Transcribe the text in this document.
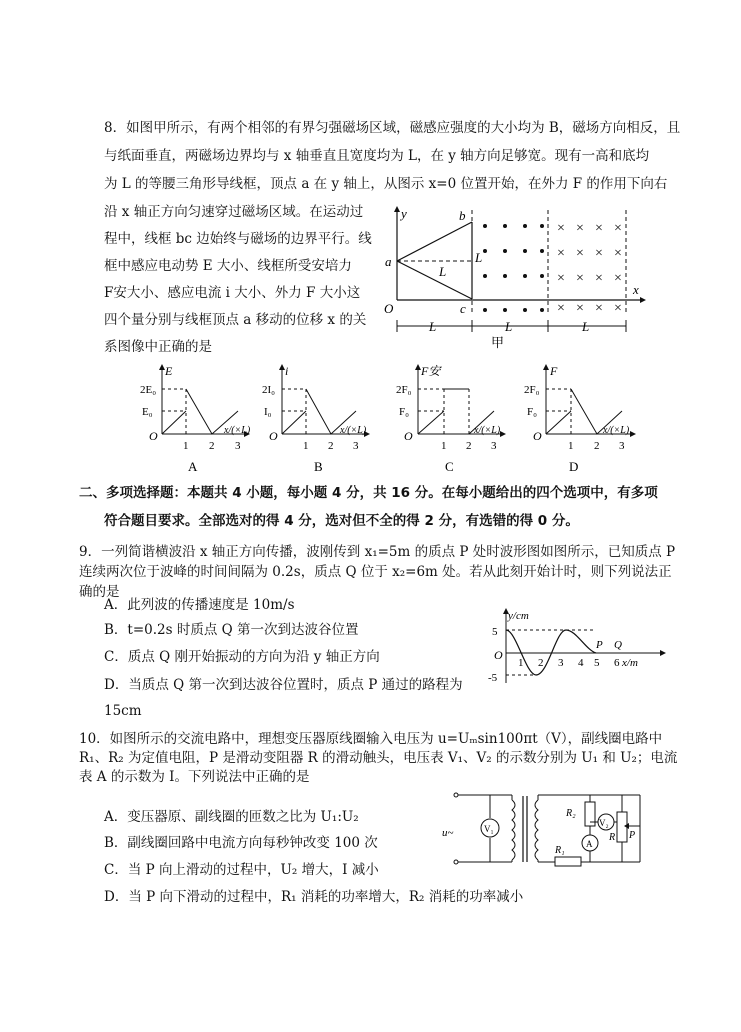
8．如图甲所示，有两个相邻的有界匀强磁场区域，磁感应强度的大小均为 B，磁场方向相反，且
与纸面垂直，两磁场边界均与 x 轴垂直且宽度均为 L，在 y 轴方向足够宽。现有一高和底均
为 L 的等腰三角形导线框，顶点 a 在 y 轴上，从图示 x=0 位置开始，在外力 F 的作用下向右
沿 x 轴正方向匀速穿过磁场区域。在运动过
程中，线框 bc 边始终与磁场的边界平行。线
框中感应电动势 E 大小、线框所受安培力
F安大小、感应电流 i 大小、外力 F 大小这
四个量分别与线框顶点 a 移动的位移 x 的关
系图像中正确的是
× × × ×
× × × ×
× × × ×
× × × ×
y
x
O
a
b
c
L
L
L	L	L
甲
E
2E₀
E₀
O
1 2 3
x/(×L)
A
i
2I₀
I₀
O
1 2 3
x/(×L)
B
F安
2F₀
F₀
O
1 2 3
x/(×L)
C
F
2F₀
F₀
O
1 2 3
x/(×L)
D
二、多项选择题：本题共 4 小题，每小题 4 分，共 16 分。在每小题给出的四个选项中，有多项
符合题目要求。全部选对的得 4 分，选对但不全的得 2 分，有选错的得 0 分。
9．一列简谐横波沿 x 轴正方向传播，波刚传到 x₁=5m 的质点 P 处时波形图如图所示，已知质点 P
连续两次位于波峰的时间间隔为 0.2s，质点 Q 位于 x₂=6m 处。若从此刻开始计时，则下列说法正
确的是
A．此列波的传播速度是 10m/s
B．t=0.2s 时质点 Q 第一次到达波谷位置
C．质点 Q 刚开始振动的方向为沿 y 轴正方向
D．当质点 Q 第一次到达波谷位置时，质点 P 通过的路程为
15cm
y/cm
5
-5
O
1 2 3 4 5 6
P Q
x/m
10．如图所示的交流电路中，理想变压器原线圈输入电压为 u=Uₘsin100πt（V），副线圈电路中
R₁、R₂ 为定值电阻，P 是滑动变阻器 R 的滑动触头，电压表 V₁、V₂ 的示数分别为 U₁ 和 U₂；电流
表 A 的示数为 I。下列说法中正确的是
A．变压器原、副线圈的匝数之比为 U₁:U₂
B．副线圈回路中电流方向每秒钟改变 100 次
C．当 P 向上滑动的过程中，U₂ 增大，I 减小
D．当 P 向下滑动的过程中，R₁ 消耗的功率增大，R₂ 消耗的功率减小
V₁
u~
R₁
R₂
A
V₂
R P
